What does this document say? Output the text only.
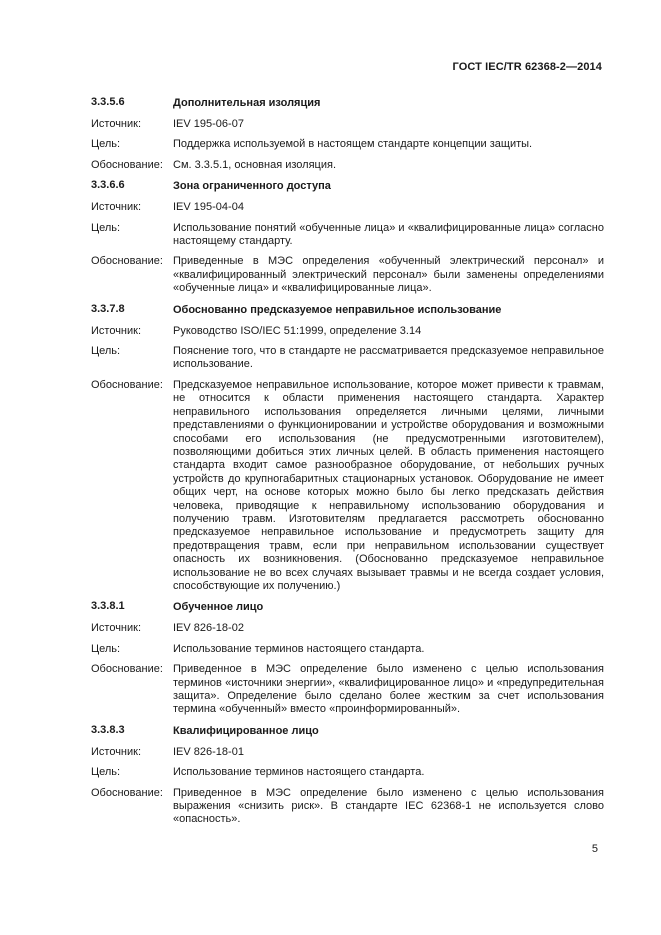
ГОСТ IEC/TR 62368-2—2014
3.3.5.6	Дополнительная изоляция
Источник:	IEV 195-06-07
Цель:	Поддержка используемой в настоящем стандарте концепции защиты.
Обоснование: См. 3.3.5.1, основная изоляция.
3.3.6.6	Зона ограниченного доступа
Источник:	IEV 195-04-04
Цель:	Использование понятий «обученные лица» и «квалифицированные лица» согласно настоящему стандарту.
Обоснование: Приведенные в МЭС определения «обученный электрический персонал» и «квалифицированный электрический персонал» были заменены определениями «обученные лица» и «квалифицированные лица».
3.3.7.8	Обоснованно предсказуемое неправильное использование
Источник:	Руководство ISO/IEC 51:1999, определение 3.14
Цель:	Пояснение того, что в стандарте не рассматривается предсказуемое неправильное использование.
Обоснование: Предсказуемое неправильное использование, которое может привести к травмам, не относится к области применения настоящего стандарта. Характер неправильного использования определяется личными целями, личными представлениями о функционировании и устройстве оборудования и возможными способами его использования (не предусмотренными изготовителем), позволяющими добиться этих личных целей. В область применения настоящего стандарта входит самое разнообразное оборудование, от небольших ручных устройств до крупногабаритных стационарных установок. Оборудование не имеет общих черт, на основе которых можно было бы легко предсказать действия человека, приводящие к неправильному использованию оборудования и получению травм. Изготовителям предлагается рассмотреть обоснованно предсказуемое неправильное использование и предусмотреть защиту для предотвращения травм, если при неправильном использовании существует опасность их возникновения. (Обоснованно предсказуемое неправильное использование не во всех случаях вызывает травмы и не всегда создает условия, способствующие их получению.)
3.3.8.1	Обученное лицо
Источник:	IEV 826-18-02
Цель:	Использование терминов настоящего стандарта.
Обоснование: Приведенное в МЭС определение было изменено с целью использования терминов «источники энергии», «квалифицированное лицо» и «предупредительная защита». Определение было сделано более жестким за счет использования термина «обученный» вместо «проинформированный».
3.3.8.3	Квалифицированное лицо
Источник:	IEV 826-18-01
Цель:	Использование терминов настоящего стандарта.
Обоснование: Приведенное в МЭС определение было изменено с целью использования выражения «снизить риск». В стандарте IEC 62368-1 не используется слово «опасность».
5
